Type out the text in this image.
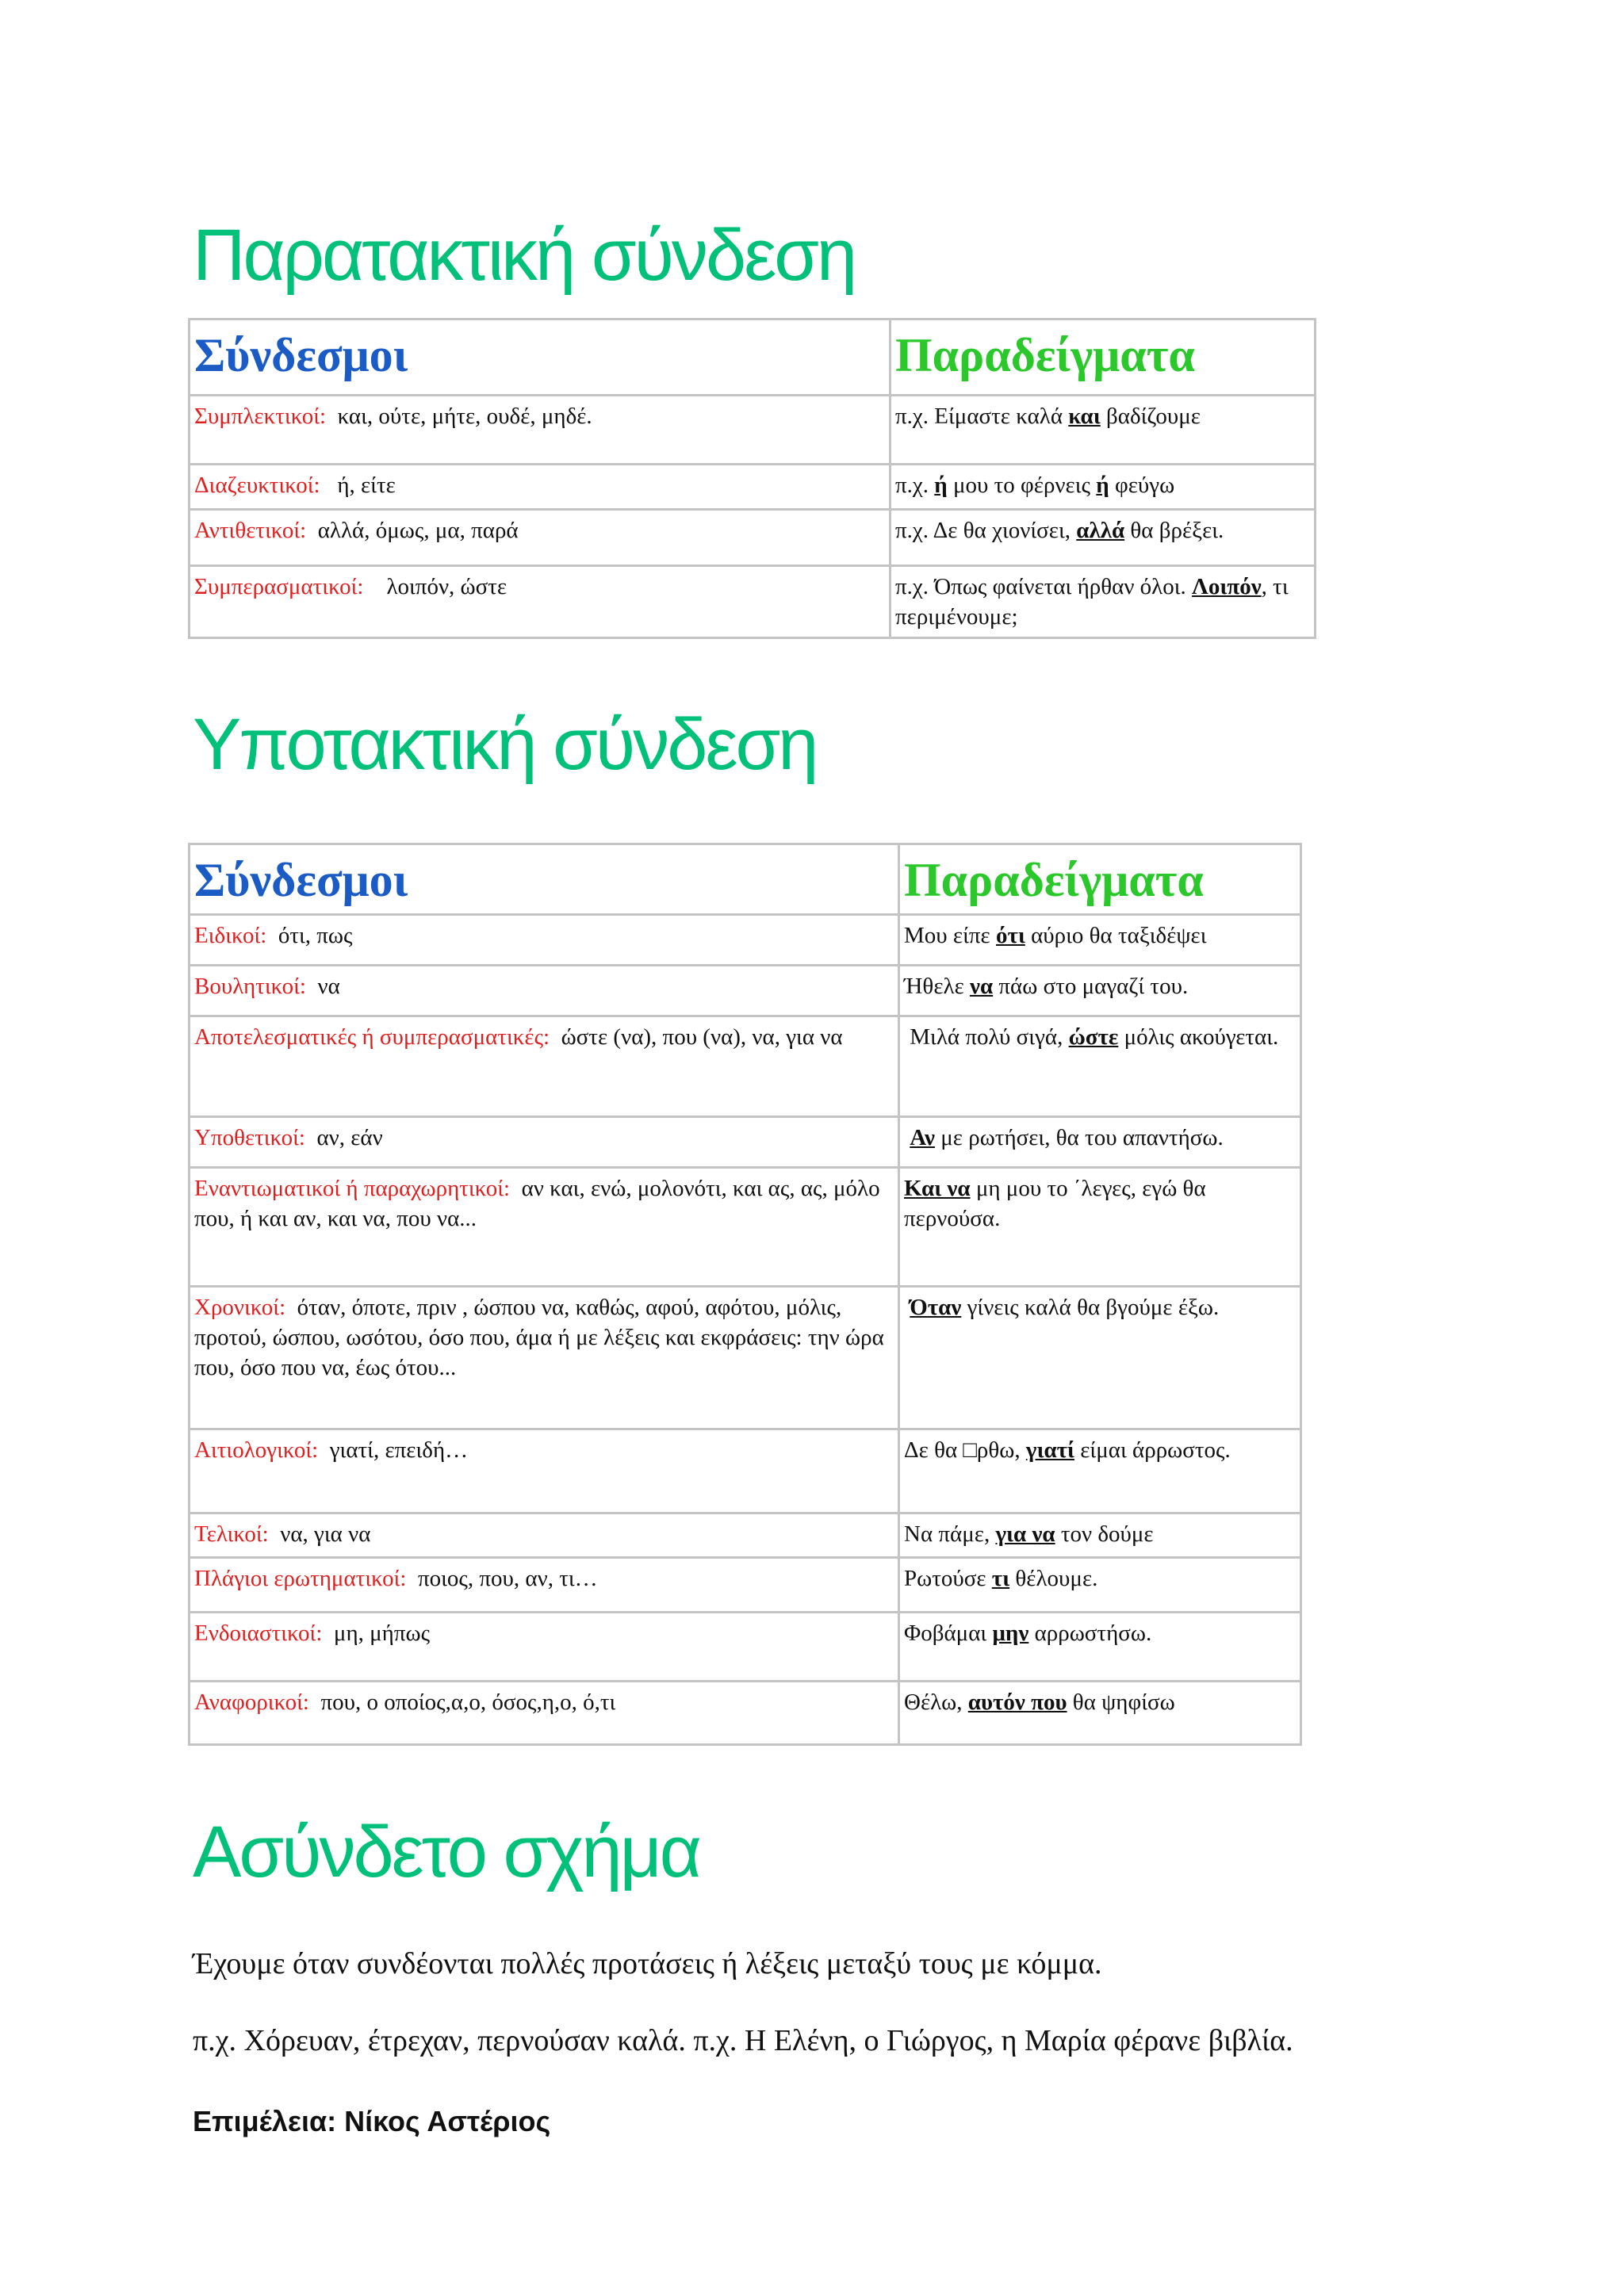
Παρατακτική σύνδεση
Σύνδεσμοι	Παραδείγματα
Συμπλεκτικοί: και, ούτε, μήτε, ουδέ, μηδέ.	π.χ. Είμαστε καλά και βαδίζουμε
Διαζευκτικοί: ή, είτε	π.χ. ή μου το φέρνεις ή φεύγω
Αντιθετικοί: αλλά, όμως, μα, παρά	π.χ. Δε θα χιονίσει, αλλά θα βρέξει.
Συμπερασματικοί: λοιπόν, ώστε	π.χ. Όπως φαίνεται ήρθαν όλοι. Λοιπόν, τι περιμένουμε;
Υποτακτική σύνδεση
Σύνδεσμοι	Παραδείγματα
Ειδικοί: ότι, πως	Μου είπε ότι αύριο θα ταξιδέψει
Βουλητικοί: να	Ήθελε να πάω στο μαγαζί του.
Αποτελεσματικές ή συμπερασματικές: ώστε (να), που (να), να, για να	Μιλά πολύ σιγά, ώστε μόλις ακούγεται.
Υποθετικοί: αν, εάν	Αν με ρωτήσει, θα του απαντήσω.
Εναντιωματικοί ή παραχωρητικοί: αν και, ενώ, μολονότι, και ας, ας, μόλο που, ή και αν, και να, που να...	Και να μη μου το ΄λεγες, εγώ θα περνούσα.
Χρονικοί: όταν, όποτε, πριν , ώσπου να, καθώς, αφού, αφότου, μόλις, προτού, ώσπου, ωσότου, όσο που, άμα ή με λέξεις και εκφράσεις: την ώρα που, όσο που να, έως ότου...	Όταν γίνεις καλά θα βγούμε έξω.
Αιτιολογικοί: γιατί, επειδή…	Δε θα □ρθω, γιατί είμαι άρρωστος.
Τελικοί: να, για να	Να πάμε, για να τον δούμε
Πλάγιοι ερωτηματικοί: ποιος, που, αν, τι…	Ρωτούσε τι θέλουμε.
Ενδοιαστικοί: μη, μήπως	Φοβάμαι μην αρρωστήσω.
Αναφορικοί: που, ο οποίος,α,ο, όσος,η,ο, ό,τι	Θέλω, αυτόν που θα ψηφίσω
Ασύνδετο σχήμα

Έχουμε όταν συνδέονται πολλές προτάσεις ή λέξεις μεταξύ τους με κόμμα.

π.χ. Χόρευαν, έτρεχαν, περνούσαν καλά. π.χ. Η Ελένη, ο Γιώργος, η Μαρία φέρανε βιβλία.

Επιμέλεια: Νίκος Αστέριος
